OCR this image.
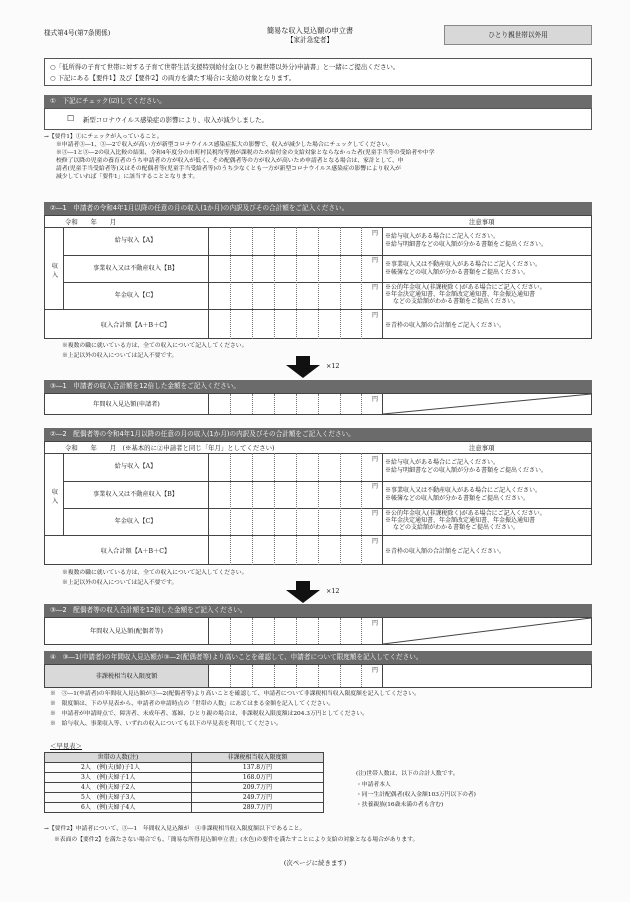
様式第4号(第7条関係)	簡易な収入見込額の申立書
【家計急変者】
ひとり親世帯以外用
○「低所得の子育て世帯に対する子育て世帯生活支援特別給付金(ひとり親世帯以外分)申請書」と一緒にご提出ください。
○ 下記にある【要件1】及び【要件2】の両方を満たす場合に支給の対象となります。
①　下記にチェック(☑)してください。
☐ 新型コロナウイルス感染症の影響により、収入が減少しました。
→【要件1】①にチェックが入っていること。
※申請者③―1、③―2で収入が高い方が新型コロナウイルス感染症拡大の影響で、収入が減少した場合にチェックしてください。
※③―1と③―2の収入比較の結果、令和4年度分の市町村民税均等割が課税のため給付金の支給対象とならなかった者(児童手当等の受給者や中学
校修了以降の児童の養育者のうち申請者の方が収入が低く、その配偶者等の方が収入が高いため申請者となる場合は、家計として、申
請者(児童手当受給者等)又はその配偶者等(児童手当受給者等)のうち少なくとも一方が新型コロナウイルス感染症の影響により収入が
減少していれば「要件1」に該当することとなります。
②―1　申請者の令和4年1月以降の任意の月の収入(1か月)の内訳及びその合計額をご記入ください。
令和　　年　　月	注意事項
収入
給与収入【A】
円 ※給与収入がある場合にご記入ください。
※給与明細書などの収入額が分かる書類をご提出ください。
事業収入又は不動産収入【B】
円
※事業収入又は不動産収入がある場合にご記入ください。
※帳簿などの収入額が分かる書類をご提出ください。
年金収入【C】
円 ※公的年金収入(非課税除く)がある場合にご記入ください。
※年金決定通知書、年金額改定通知書、年金振込通知書
などの支給額がわかる書類をご提出ください。
収入合計額【A＋B＋C】
円
※青枠の収入額の合計額をご記入ください。
※複数の職に就いている方は、全ての収入について記入してください。
※上記以外の収入については記入不要です。
×12
③―1　申請者の収入合計額を12倍した金額をご記入ください。
年間収入見込額(申請者)
円
②―2　配偶者等の令和4年1月以降の任意の月の収入(1か月)の内訳及びその合計額をご記入ください。
令和　　年　　月　(※基本的に②申請者と同じ「年月」としてください)	注意事項
収入
給与収入【A】
円 ※給与収入がある場合にご記入ください。
※給与明細書などの収入額が分かる書類をご提出ください。
事業収入又は不動産収入【B】
円
※事業収入又は不動産収入がある場合にご記入ください。
※帳簿などの収入額が分かる書類をご提出ください。
年金収入【C】
円 ※公的年金収入(非課税除く)がある場合にご記入ください。
※年金決定通知書、年金額改定通知書、年金振込通知書
などの支給額がわかる書類をご提出ください。
収入合計額【A＋B＋C】
円
※青枠の収入額の合計額をご記入ください。
※複数の職に就いている方は、全ての収入について記入してください。
※上記以外の収入については記入不要です。
×12
③―2　配偶者等の収入合計額を12倍した金額をご記入ください。
年間収入見込額(配偶者等)
円
④　③―1(申請者)の年間収入見込額が③―2(配偶者等)より高いことを確認して、申請者について限度額を記入してください。
非課税相当収入限度額
円
※　③―1(申請者)の年間収入見込額が③―2(配偶者等)より高いことを確認して、申請者について非課税相当収入限度額を記入してください。
※　限度額は、下の早見表から、申請者の申請時点の「世帯の人数」にあてはまる金額を記入してください。
※　申請者が申請時点で、障害者、未成年者、寡婦、ひとり親の場合は、非課税収入限度額は204.3万円としてください。
※　給与収入、事業収入等、いずれの収入についても以下の早見表を利用してください。
＜早見表＞
世帯の人数(注)	非課税相当収入限度額
2人　(例)夫(婦)子1人	137.8万円
3人　(例)夫婦子1人	168.0万円
4人　(例)夫婦子2人	209.7万円
5人　(例)夫婦子3人	249.7万円
6人　(例)夫婦子4人	289.7万円
(注)世帯人数は、以下の合計人数です。
・申請者本人
・同一生計配偶者(収入金額103万円以下の者)
・扶養親族(16歳未満の者も含む)
→【要件2】申請者について、③―1　年間収入見込額が　④非課税相当収入限度額以下であること。
※表面の【要件2】を満たさない場合でも、「簡易な所得見込額申立書」(水色)の要件を満たすことにより支給の対象となる場合があります。
(次ページに続きます)
